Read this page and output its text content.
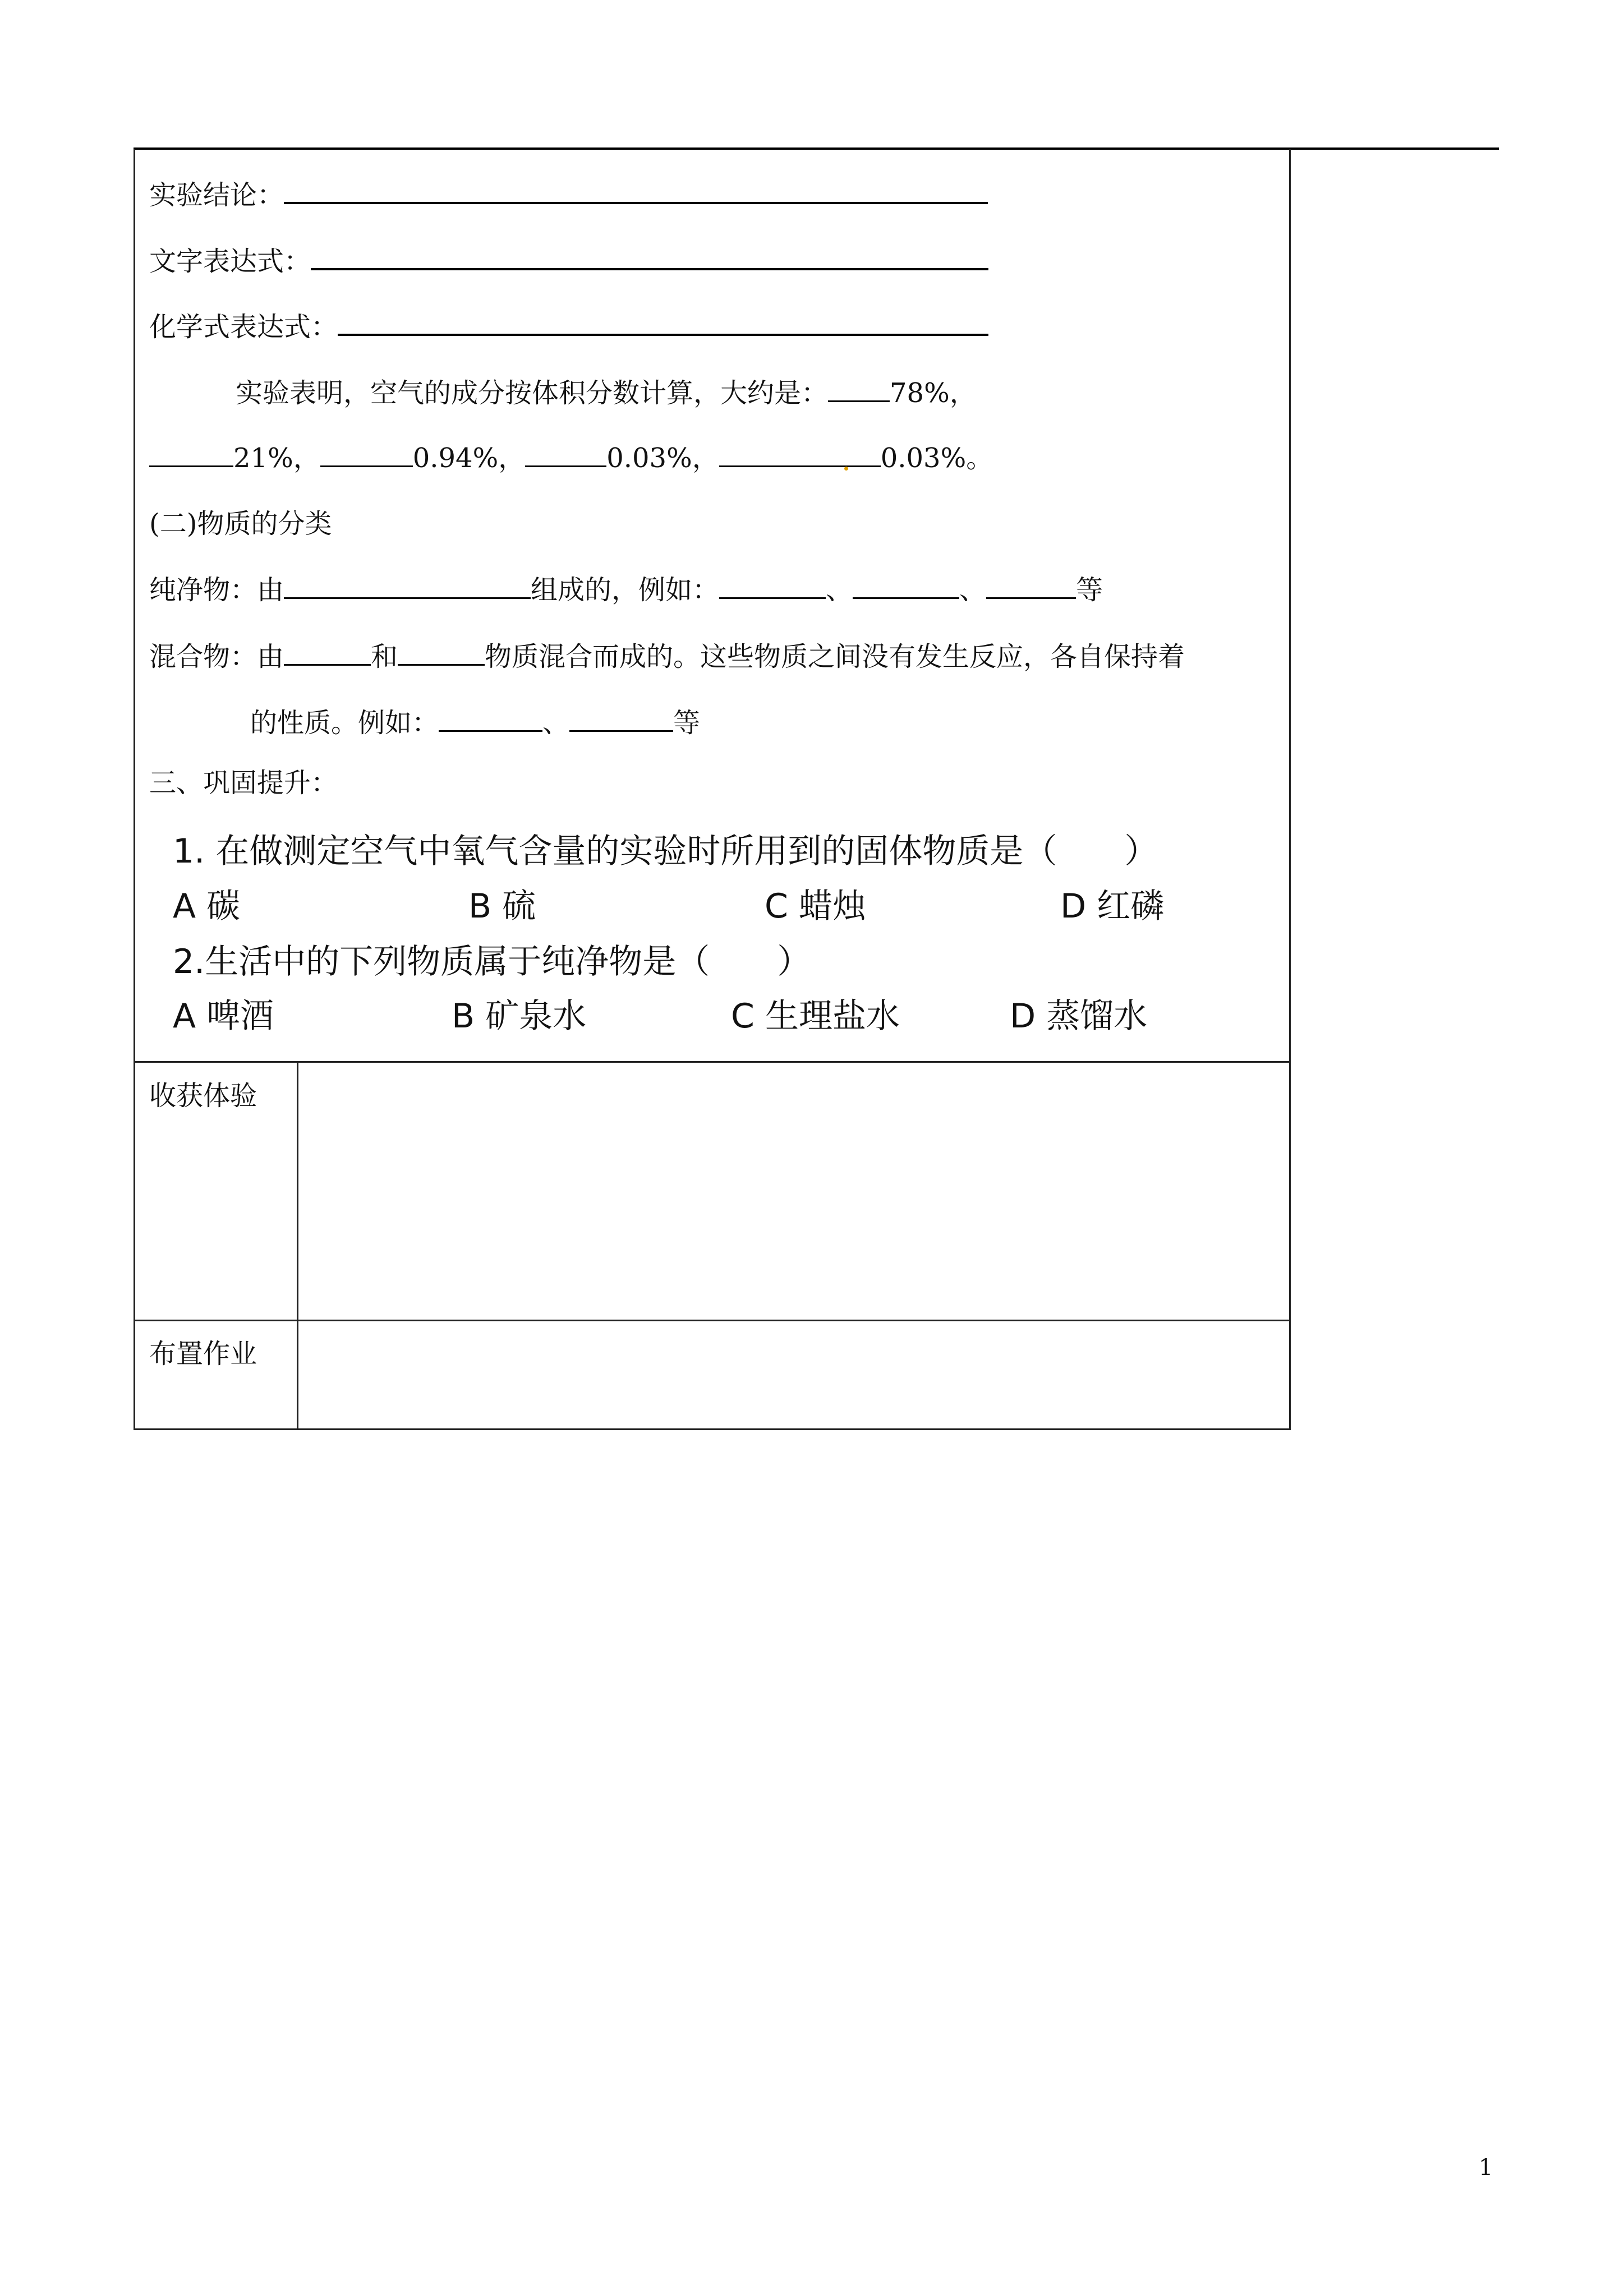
实验结论：
文字表达式：
化学式表达式：
实验表明，空气的成分按体积分数计算，大约是： 78%，
21%，	0.94%，	0.03%，	0.03%。
(二)物质的分类
纯净物：由	组成的，例如：	、	、	等
混合物：由	和	物质混合而成的。这些物质之间没有发生反应，各自保持着
的性质。例如：	、	等
三、巩固提升：
1. 在做测定空气中氧气含量的实验时所用到的固体物质是（　　）
A 碳	B 硫	C 蜡烛	D 红磷
2.生活中的下列物质属于纯净物是（　　）
A 啤酒	B 矿泉水	C 生理盐水	D 蒸馏水
收获体验
布置作业
1
